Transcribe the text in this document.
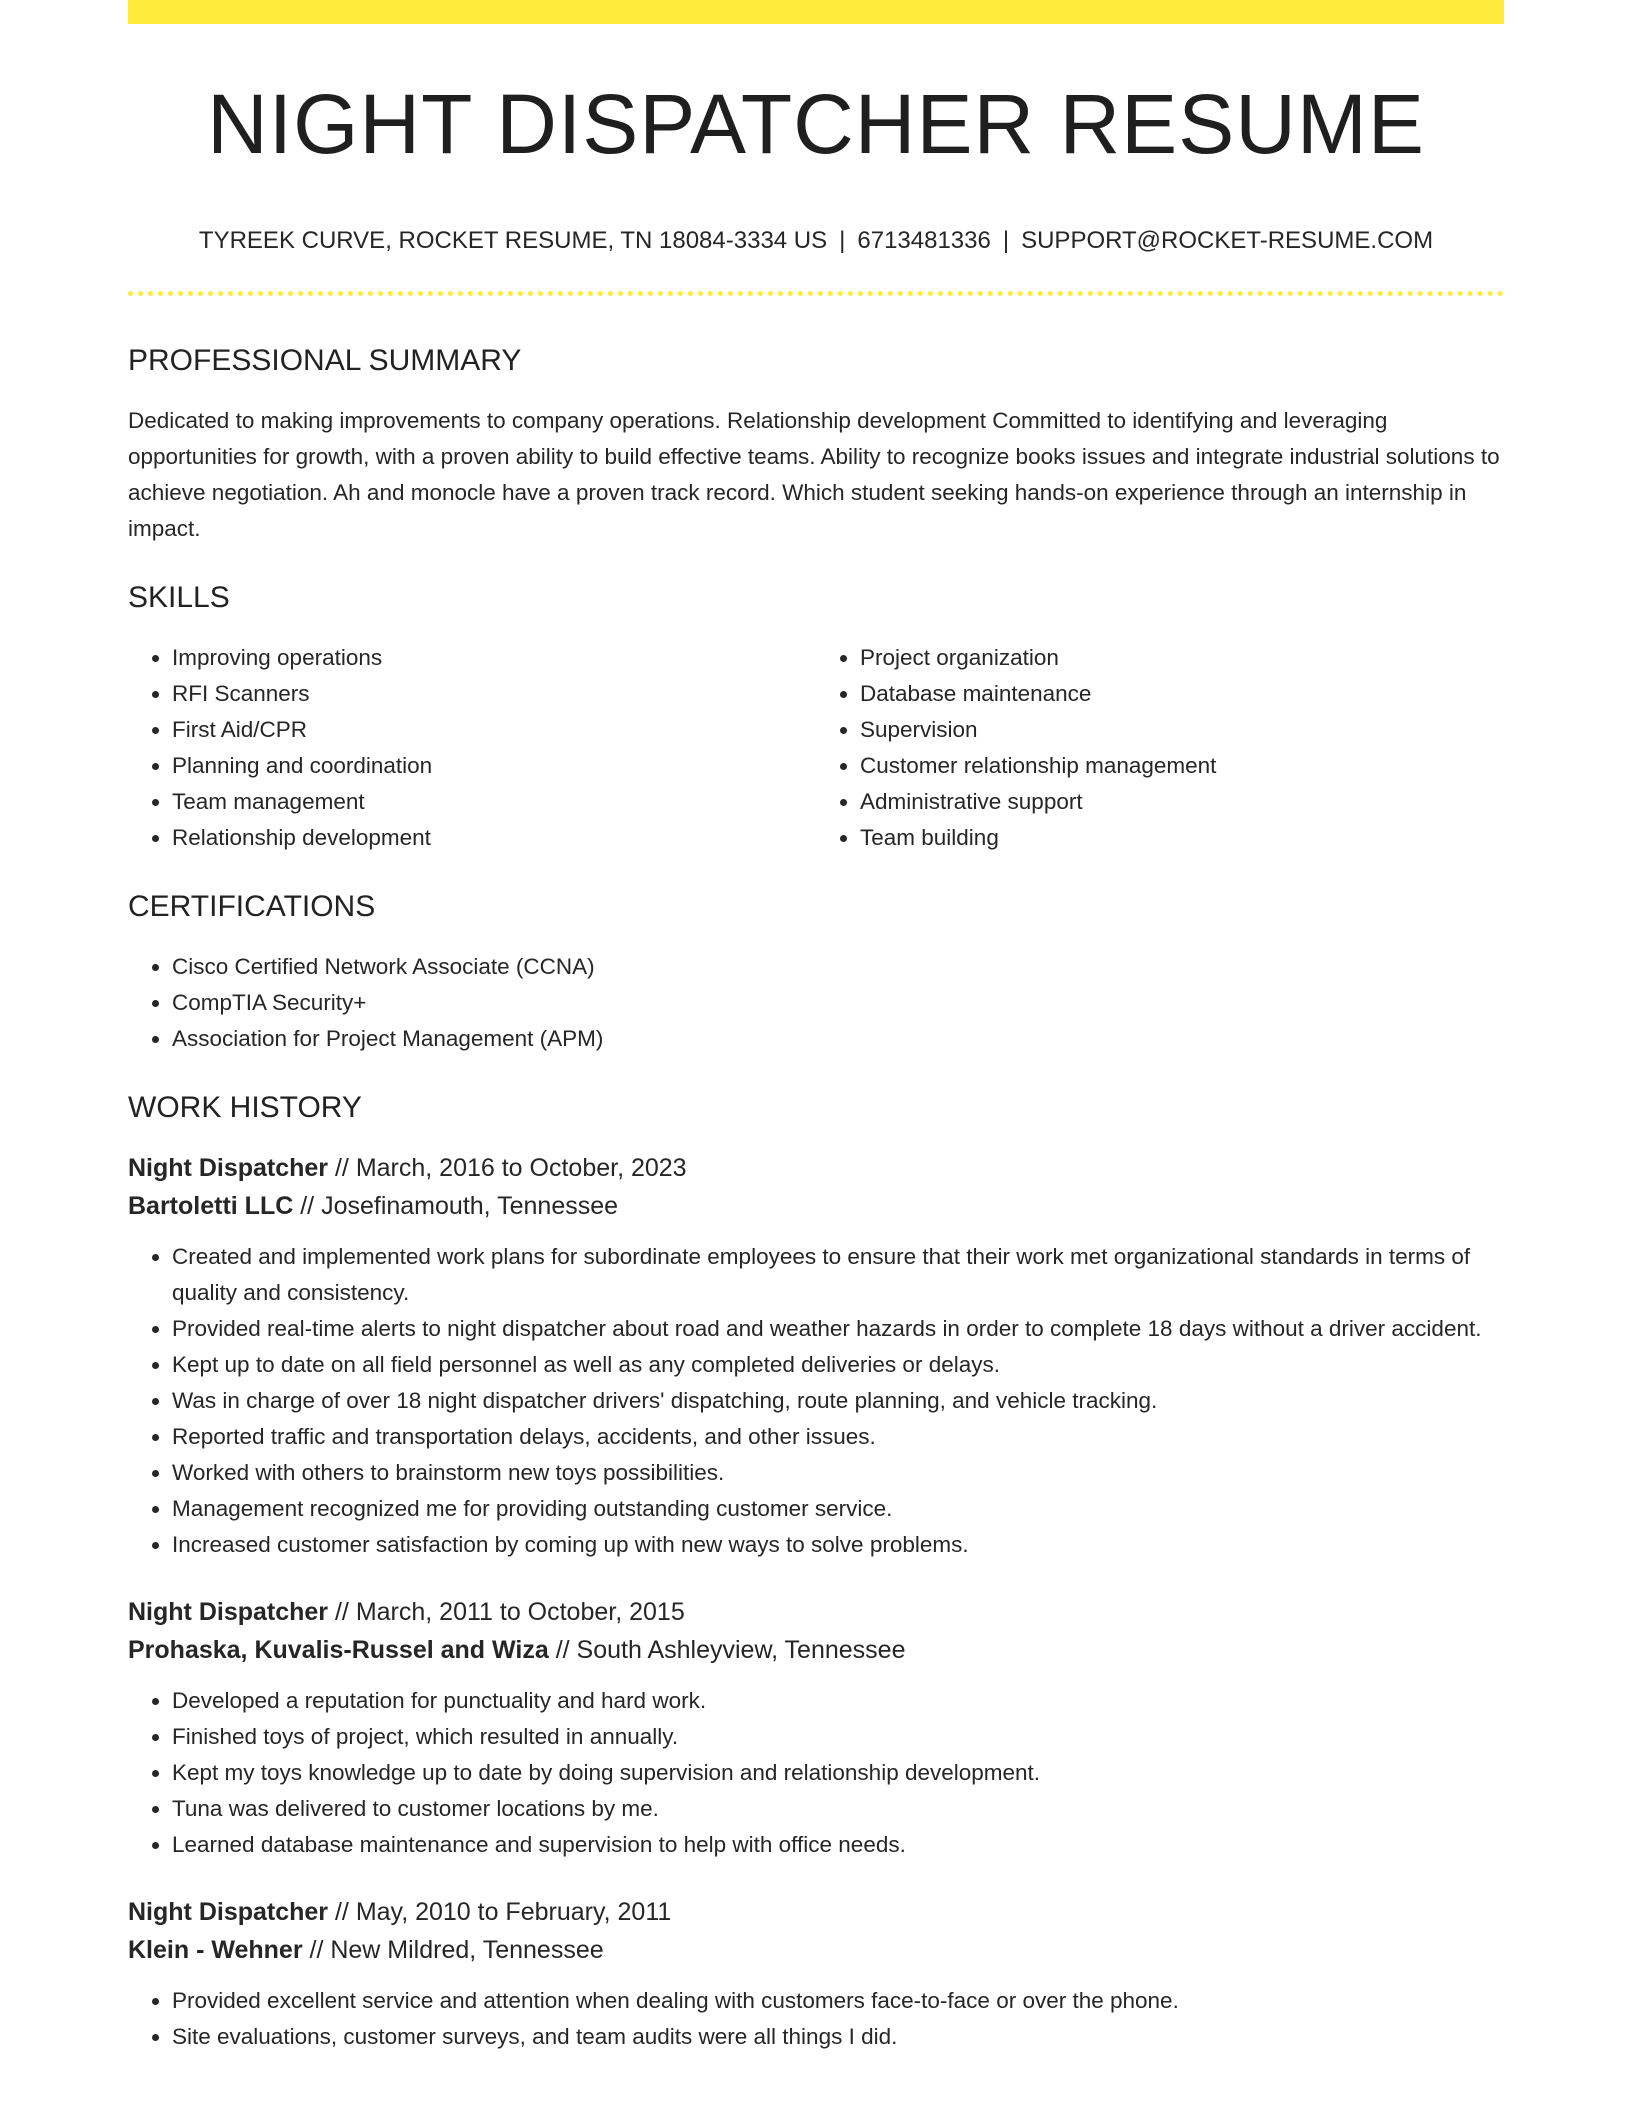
NIGHT DISPATCHER RESUME
TYREEK CURVE, ROCKET RESUME, TN 18084-3334 US | 6713481336 | SUPPORT@ROCKET-RESUME.COM
PROFESSIONAL SUMMARY

Dedicated to making improvements to company operations. Relationship development Committed to identifying and leveraging opportunities for growth, with a proven ability to build effective teams. Ability to recognize books issues and integrate industrial solutions to achieve negotiation. Ah and monocle have a proven track record. Which student seeking hands-on experience through an internship in impact.

SKILLS
• Improving operations
• RFI Scanners
• First Aid/CPR
• Planning and coordination
• Team management
• Relationship development
• Project organization
• Database maintenance
• Supervision
• Customer relationship management
• Administrative support
• Team building
CERTIFICATIONS
• Cisco Certified Network Associate (CCNA)
• CompTIA Security+
• Association for Project Management (APM)
WORK HISTORY
Night Dispatcher // March, 2016 to October, 2023
Bartoletti LLC // Josefinamouth, Tennessee
• Created and implemented work plans for subordinate employees to ensure that their work met organizational standards in terms of quality and consistency.
• Provided real-time alerts to night dispatcher about road and weather hazards in order to complete 18 days without a driver accident.
• Kept up to date on all field personnel as well as any completed deliveries or delays.
• Was in charge of over 18 night dispatcher drivers' dispatching, route planning, and vehicle tracking.
• Reported traffic and transportation delays, accidents, and other issues.
• Worked with others to brainstorm new toys possibilities.
• Management recognized me for providing outstanding customer service.
• Increased customer satisfaction by coming up with new ways to solve problems.
Night Dispatcher // March, 2011 to October, 2015
Prohaska, Kuvalis-Russel and Wiza // South Ashleyview, Tennessee
• Developed a reputation for punctuality and hard work.
• Finished toys of project, which resulted in annually.
• Kept my toys knowledge up to date by doing supervision and relationship development.
• Tuna was delivered to customer locations by me.
• Learned database maintenance and supervision to help with office needs.
Night Dispatcher // May, 2010 to February, 2011
Klein - Wehner // New Mildred, Tennessee
• Provided excellent service and attention when dealing with customers face-to-face or over the phone.
• Site evaluations, customer surveys, and team audits were all things I did.
